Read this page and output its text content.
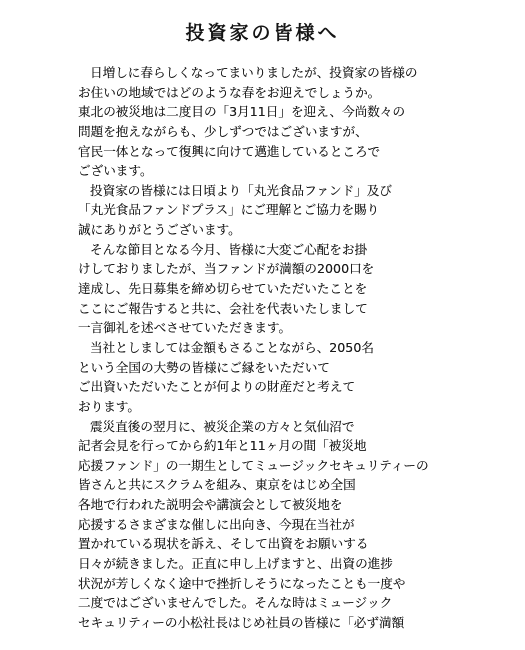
投資家の皆様へ
日増しに春らしくなってまいりましたが、投資家の皆様の
お住いの地域ではどのような春をお迎えでしょうか。
東北の被災地は二度目の「3月11日」を迎え、今尚数々の
問題を抱えながらも、少しずつではございますが、
官民一体となって復興に向けて邁進しているところで
ございます。
投資家の皆様には日頃より「丸光食品ファンド」及び
「丸光食品ファンドプラス」にご理解とご協力を賜り
誠にありがとうございます。
そんな節目となる今月、皆様に大変ご心配をお掛
けしておりましたが、当ファンドが満額の2000口を
達成し、先日募集を締め切らせていただいたことを
ここにご報告すると共に、会社を代表いたしまして
一言御礼を述べさせていただきます。
当社としましては金額もさることながら、2050名
という全国の大勢の皆様にご縁をいただいて
ご出資いただいたことが何よりの財産だと考えて
おります。
震災直後の翌月に、被災企業の方々と気仙沼で
記者会見を行ってから約1年と11ヶ月の間「被災地
応援ファンド」の一期生としてミュージックセキュリティーの
皆さんと共にスクラムを組み、東京をはじめ全国
各地で行われた説明会や講演会として被災地を
応援するさまざまな催しに出向き、今現在当社が
置かれている現状を訴え、そして出資をお願いする
日々が続きました。正直に申し上げますと、出資の進捗
状況が芳しくなく途中で挫折しそうになったことも一度や
二度ではございませんでした。そんな時はミュージック
セキュリティーの小松社長はじめ社員の皆様に「必ず満額
